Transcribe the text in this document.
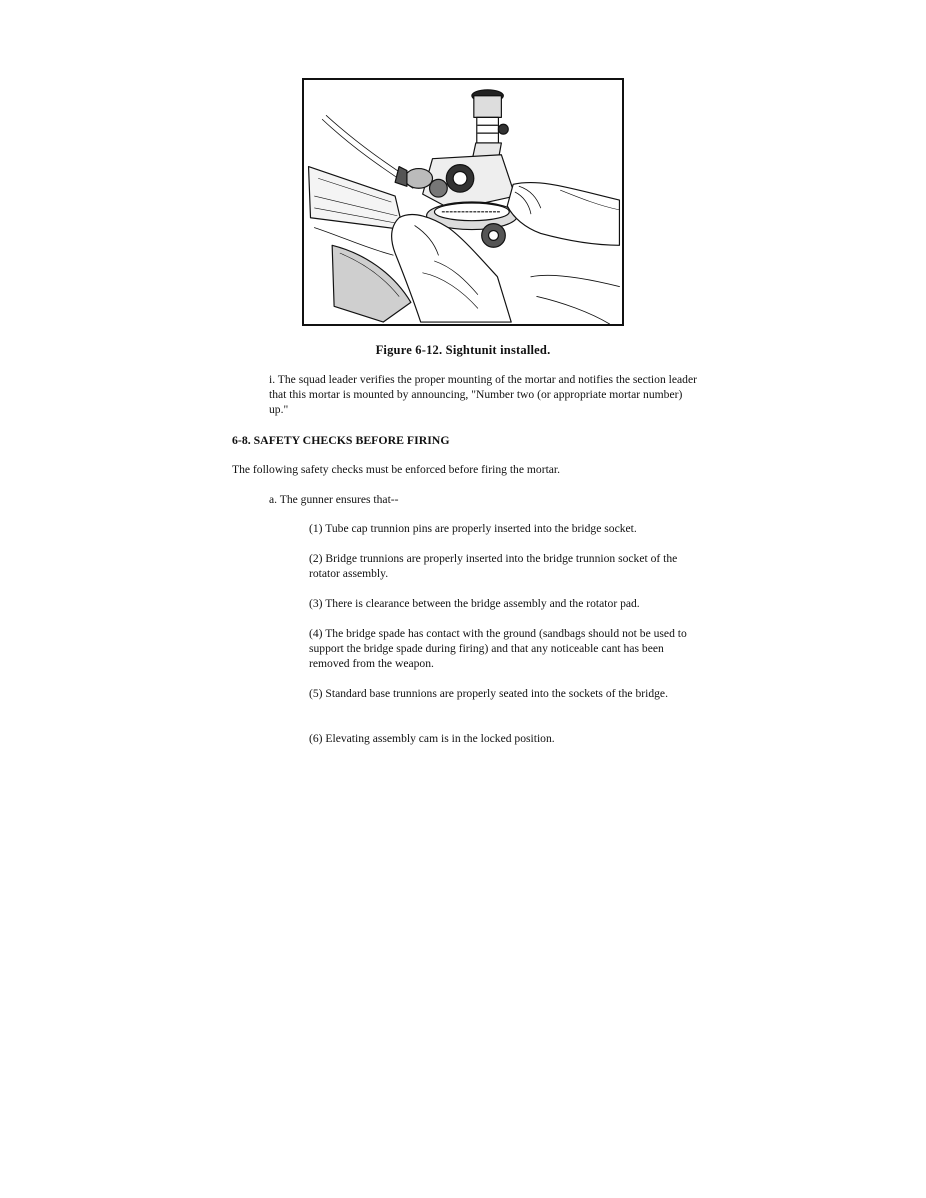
Figure 6-12. Sightunit installed.

i. The squad leader verifies the proper mounting of the mortar and notifies the section leader that this mortar is mounted by announcing, "Number two (or appropriate mortar number) up."

6-8. SAFETY CHECKS BEFORE FIRING

The following safety checks must be enforced before firing the mortar.

a. The gunner ensures that--

(1) Tube cap trunnion pins are properly inserted into the bridge socket.

(2) Bridge trunnions are properly inserted into the bridge trunnion socket of the rotator assembly.

(3) There is clearance between the bridge assembly and the rotator pad.

(4) The bridge spade has contact with the ground (sandbags should not be used to support the bridge spade during firing) and that any noticeable cant has been removed from the weapon.

(5) Standard base trunnions are properly seated into the sockets of the bridge.

(6) Elevating assembly cam is in the locked position.
